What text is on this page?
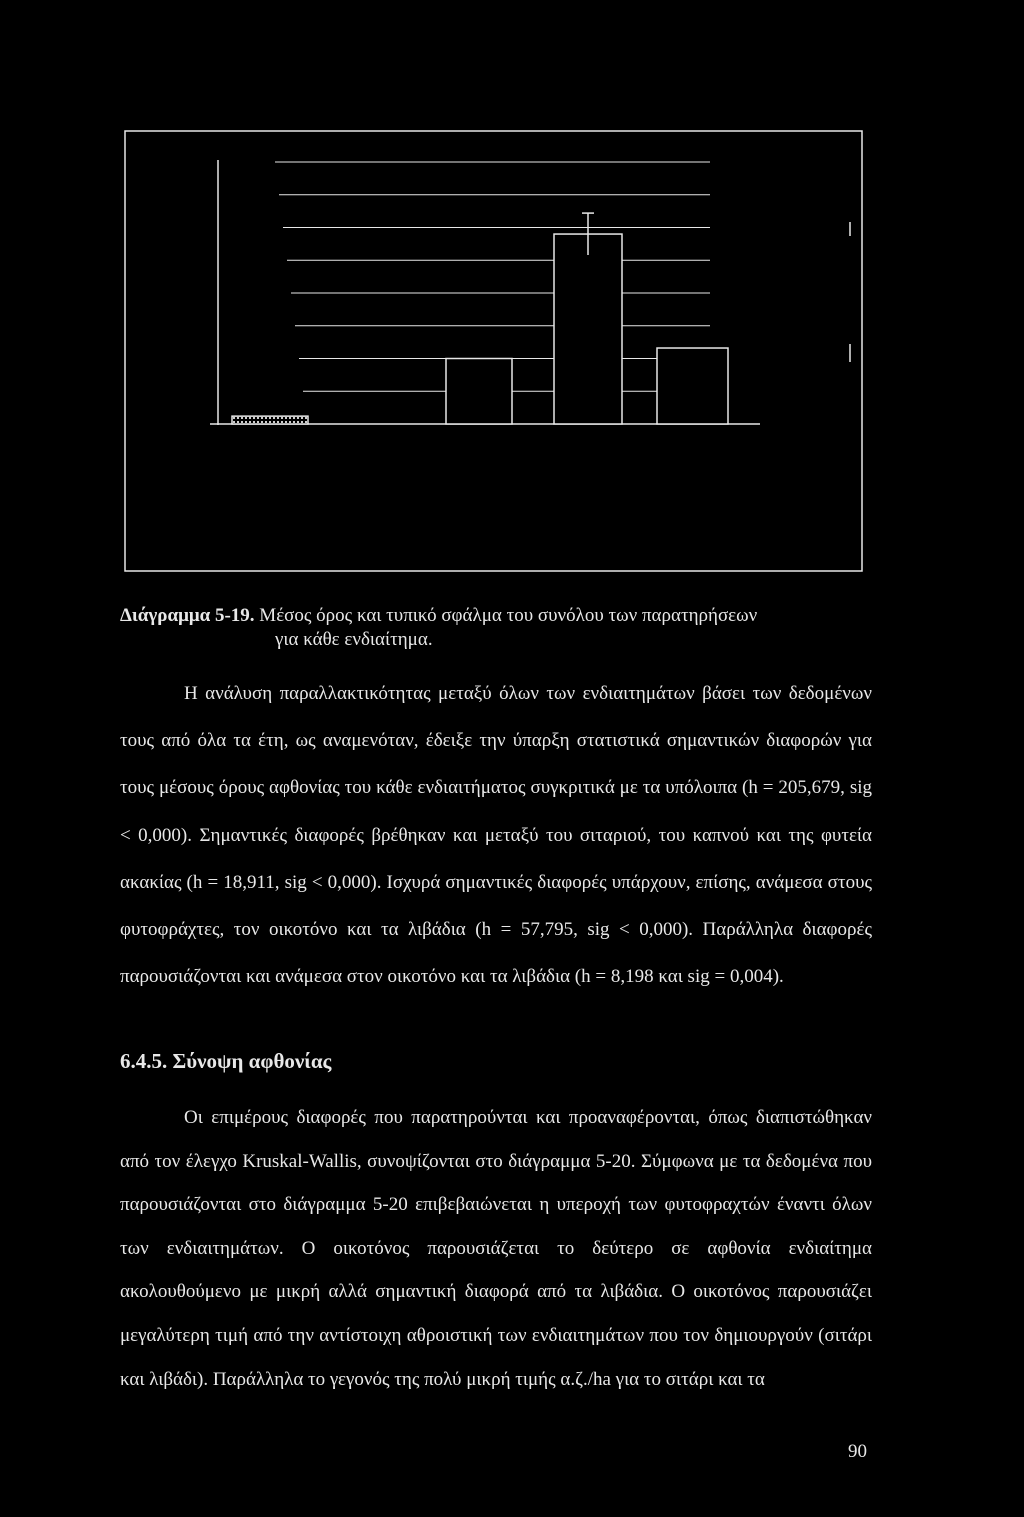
Διάγραμμα 5-19. Μέσος όρος και τυπικό σφάλμα του συνόλου των παρατηρήσεων
για κάθε ενδιαίτημα.

Η ανάλυση παραλλακτικότητας μεταξύ όλων των ενδιαιτημάτων βάσει των δεδομένων τους από όλα τα έτη, ως αναμενόταν, έδειξε την ύπαρξη στατιστικά σημαντικών διαφορών για τους μέσους όρους αφθονίας του κάθε ενδιαιτήματος συγκριτικά με τα υπόλοιπα (h = 205,679, sig < 0,000). Σημαντικές διαφορές βρέθηκαν και μεταξύ του σιταριού, του καπνού και της φυτεία ακακίας (h = 18,911, sig < 0,000). Ισχυρά σημαντικές διαφορές υπάρχουν, επίσης, ανάμεσα στους φυτοφράχτες, τον οικοτόνο και τα λιβάδια (h = 57,795, sig < 0,000). Παράλληλα διαφορές παρουσιάζονται και ανάμεσα στον οικοτόνο και τα λιβάδια (h = 8,198 και sig = 0,004).

6.4.5. Σύνοψη αφθονίας

Οι επιμέρους διαφορές που παρατηρούνται και προαναφέρονται, όπως διαπιστώθηκαν από τον έλεγχο Kruskal-Wallis, συνοψίζονται στο διάγραμμα 5-20. Σύμφωνα με τα δεδομένα που παρουσιάζονται στο διάγραμμα 5-20 επιβεβαιώνεται η υπεροχή των φυτοφραχτών έναντι όλων των ενδιαιτημάτων. Ο οικοτόνος παρουσιάζεται το δεύτερο σε αφθονία ενδιαίτημα ακολουθούμενο με μικρή αλλά σημαντική διαφορά από τα λιβάδια. Ο οικοτόνος παρουσιάζει μεγαλύτερη τιμή από την αντίστοιχη αθροιστική των ενδιαιτημάτων που τον δημιουργούν (σιτάρι και λιβάδι). Παράλληλα το γεγονός της πολύ μικρή τιμής α.ζ./ha για το σιτάρι και τα

90
